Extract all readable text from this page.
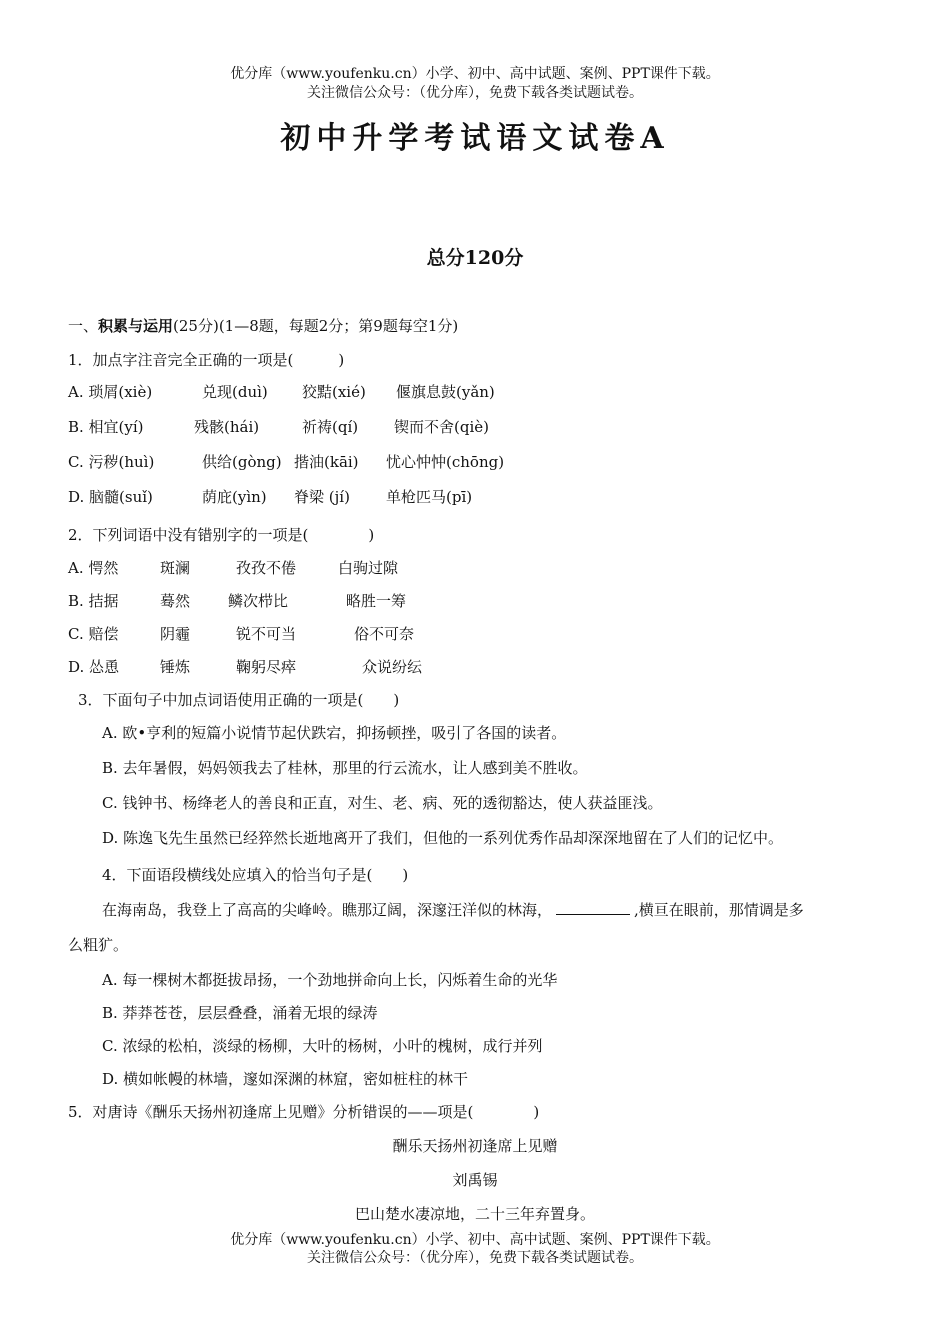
优分库（www.youfenku.cn）小学、初中、高中试题、案例、PPT课件下载。
关注微信公众号：（优分库），免费下载各类试题试卷。
初中升学考试语文试卷A
总分120分
一、积累与运用(25分)(1—8题，每题2分；第9题每空1分)
1．加点字注音完全正确的一项是(　　　)
A. 琐屑(xiè)	兑现(duì) 狡黠(xié) 偃旗息鼓(yǎn)
B. 相宜(yí)	残骸(hái)	祈祷(qí) 锲而不舍(qiè)
C. 污秽(huì)	供给(gòng) 揩油(kāi) 忧心忡忡(chōng)
D. 脑髓(suǐ)	荫庇(yìn) 脊梁 (jí) 单枪匹马(pī)
2．下列词语中没有错别字的一项是(　　　　)
A. 愕然	斑澜	孜孜不倦	白驹过隙
B. 拮据	蓦然	鳞次栉比	略胜一筹
C. 赔偿	阴霾	锐不可当	俗不可奈
D. 怂恿	锤炼	鞠躬尽瘁	众说纷纭
3．下面句子中加点词语使用正确的一项是(　　)
A. 欧•亨利的短篇小说情节起伏跌宕，抑扬顿挫，吸引了各国的读者。
B. 去年暑假，妈妈领我去了桂林，那里的行云流水，让人感到美不胜收。
C. 钱钟书、杨绛老人的善良和正直，对生、老、病、死的透彻豁达，使人获益匪浅。
D. 陈逸飞先生虽然已经猝然长逝地离开了我们，但他的一系列优秀作品却深深地留在了人们的记忆中。
4．下面语段横线处应填入的恰当句子是(　　)
在海南岛，我登上了高高的尖峰岭。瞧那辽阔，深邃汪洋似的林海，	,横亘在眼前，那情调是多
么粗犷。
A. 每一棵树木都挺拔昂扬，一个劲地拼命向上长，闪烁着生命的光华
B. 莽莽苍苍，层层叠叠，涌着无垠的绿涛
C. 浓绿的松柏，淡绿的杨柳，大叶的杨树，小叶的槐树，成行并列
D. 横如帐幔的林墙，邃如深渊的林窟，密如桩柱的林干
5．对唐诗《酬乐天扬州初逢席上见赠》分析错误的——项是(　　　　)
酬乐天扬州初逢席上见赠
刘禹锡
巴山楚水凄凉地，二十三年弃置身。
优分库（www.youfenku.cn）小学、初中、高中试题、案例、PPT课件下载。
关注微信公众号：（优分库），免费下载各类试题试卷。
